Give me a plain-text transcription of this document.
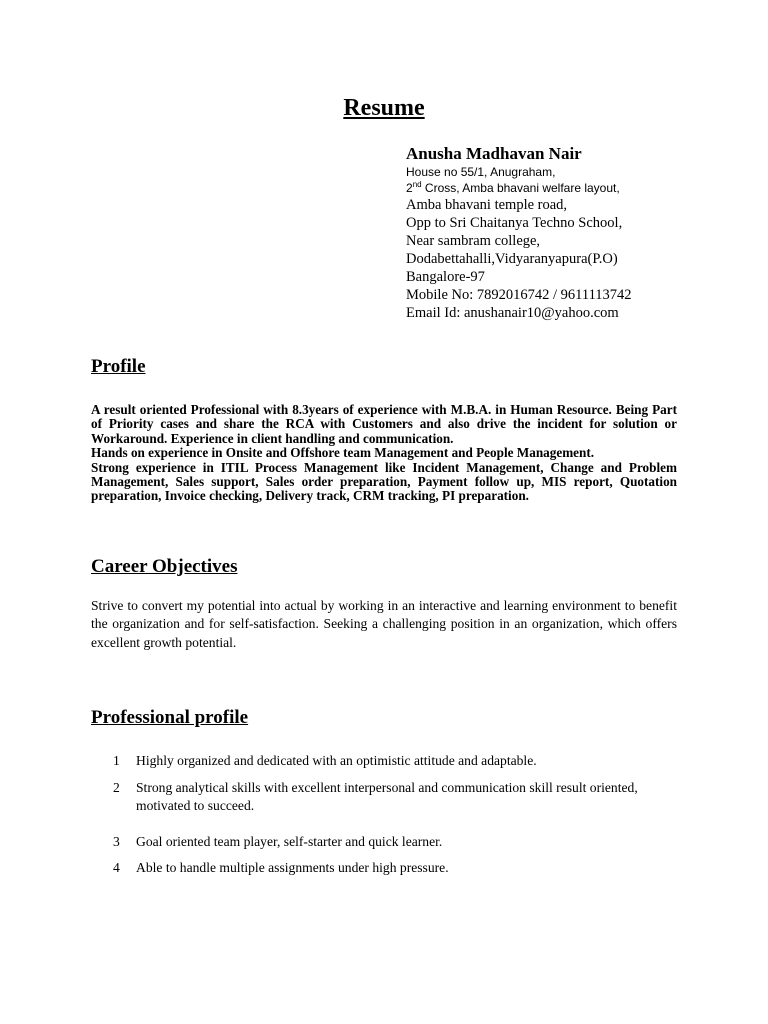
Resume
Anusha Madhavan Nair
House no 55/1, Anugraham,
2nd Cross, Amba bhavani welfare layout,
Amba bhavani temple road,
Opp to Sri Chaitanya Techno School,
Near sambram college,
Dodabettahalli,Vidyaranyapura(P.O)
Bangalore-97
Mobile No: 7892016742 / 9611113742
Email Id: anushanair10@yahoo.com
Profile

A result oriented Professional with 8.3years of experience with M.B.A. in Human Resource. Being Part of Priority cases and share the RCA with Customers and also drive the incident for solution or Workaround. Experience in client handling and communication.

Hands on experience in Onsite and Offshore team Management and People Management.

Strong experience in ITIL Process Management like Incident Management, Change and Problem Management, Sales support, Sales order preparation, Payment follow up, MIS report, Quotation preparation, Invoice checking, Delivery track, CRM tracking, PI preparation.

Career Objectives
Strive to convert my potential into actual by working in an interactive and learning environment to benefit the organization and for self-satisfaction. Seeking a challenging position in an organization, which offers excellent growth potential.
Professional profile
1	Highly organized and dedicated with an optimistic attitude and adaptable.
2	Strong analytical skills with excellent interpersonal and communication skill result oriented, motivated to succeed.
3	Goal oriented team player, self-starter and quick learner.
4	Able to handle multiple assignments under high pressure.
